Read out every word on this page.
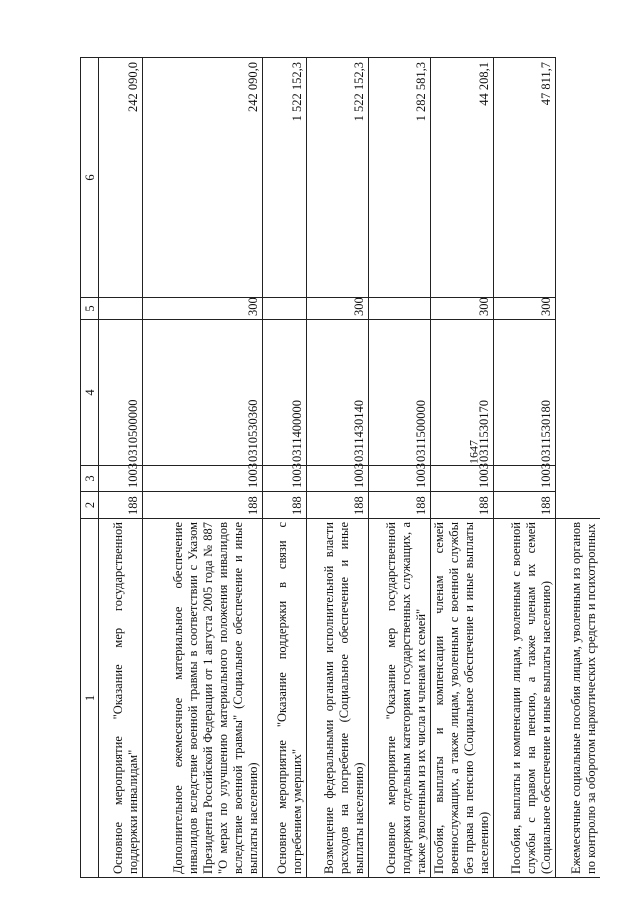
1647
1	2	3	4	5	6
Основное мероприятие "Оказание мер государственной поддержки инвалидам"	188	1003	0310500000		242 090,0
Дополнительное ежемесячное материальное обеспечение инвалидов вследствие военной травмы в соответствии с Указом Президента Российской Федерации от 1 августа 2005 года № 887 "О мерах по улучшению материального положения инвалидов вследствие военной травмы" (Социальное обеспечение и иные выплаты населению)	188	1003	0310530360	300	242 090,0
Основное мероприятие "Оказание поддержки в связи с погребением умерших"	188	1003	0311400000		1 522 152,3
Возмещение федеральными органами исполнительной власти расходов на погребение (Социальное обеспечение и иные выплаты населению)	188	1003	0311430140	300	1 522 152,3
Основное мероприятие "Оказание мер государственной поддержки отдельным категориям государственных служащих, а также уволенным из их числа и членам их семей"	188	1003	0311500000		1 282 581,3
Пособия, выплаты и компенсации членам семей военнослужащих, а также лицам, уволенным с военной службы без права на пенсию (Социальное обеспечение и иные выплаты населению)	188	1003	0311530170	300	44 208,1
Пособия, выплаты и компенсации лицам, уволенным с военной службы с правом на пенсию, а также членам их семей (Социальное обеспечение и иные выплаты населению)	188	1003	0311530180	300	47 811,7
Ежемесячные социальные пособия лицам, уволенным из органов по контролю за оборотом наркотических средств и психотропных					
